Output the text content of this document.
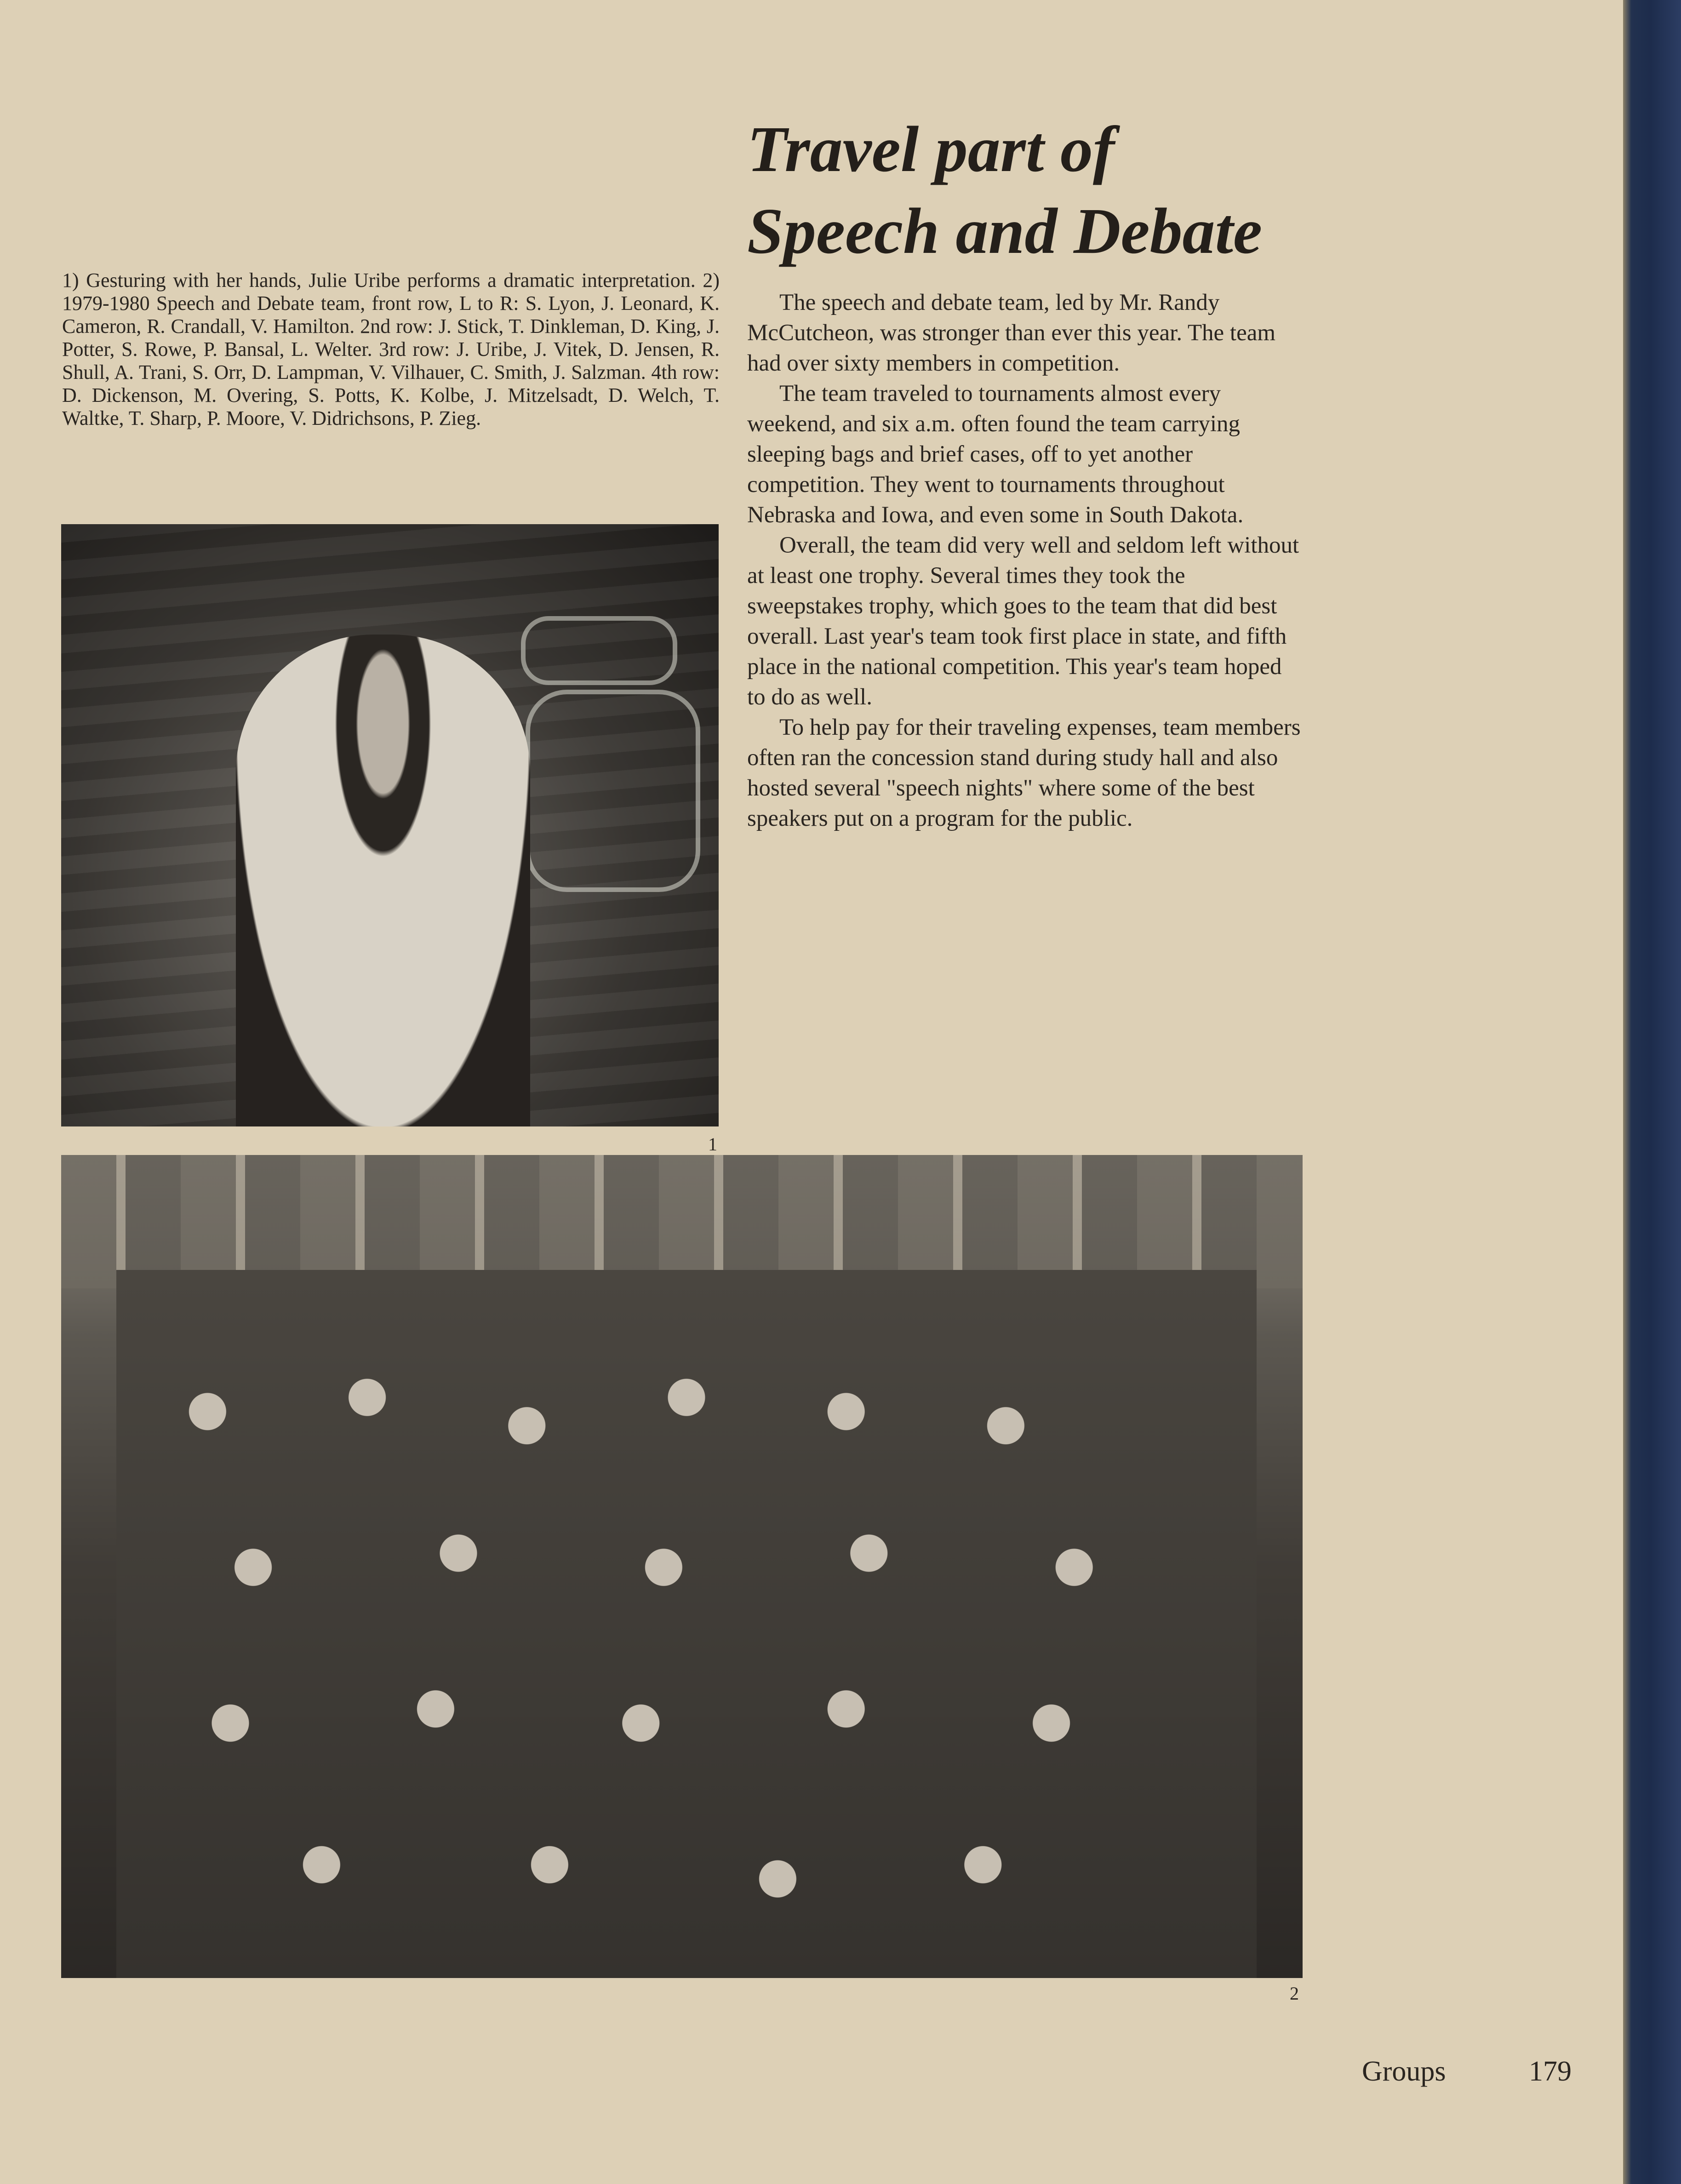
Travel part of
Speech and Debate

1) Gesturing with her hands, Julie Uribe performs a dramatic interpretation. 2) 1979-1980 Speech and Debate team, front row, L to R: S. Lyon, J. Leonard, K. Cameron, R. Crandall, V. Hamilton. 2nd row: J. Stick, T. Dinkleman, D. King, J. Potter, S. Rowe, P. Bansal, L. Welter. 3rd row: J. Uribe, J. Vitek, D. Jensen, R. Shull, A. Trani, S. Orr, D. Lampman, V. Vilhauer, C. Smith, J. Salzman. 4th row: D. Dickenson, M. Overing, S. Potts, K. Kolbe, J. Mitzelsadt, D. Welch, T. Waltke, T. Sharp, P. Moore, V. Didrichsons, P. Zieg.

The speech and debate team, led by Mr. Randy McCutcheon, was stronger than ever this year. The team had over sixty members in competition.

The team traveled to tournaments almost every weekend, and six a.m. often found the team carrying sleeping bags and brief cases, off to yet another competition. They went to tournaments throughout Nebraska and Iowa, and even some in South Dakota.

Overall, the team did very well and seldom left without at least one trophy. Several times they took the sweepstakes trophy, which goes to the team that did best overall. Last year's team took first place in state, and fifth place in the national competition. This year's team hoped to do as well.

To help pay for their traveling expenses, team members often ran the concession stand during study hall and also hosted several "speech nights" where some of the best speakers put on a program for the public.

1
2
Groups	179
